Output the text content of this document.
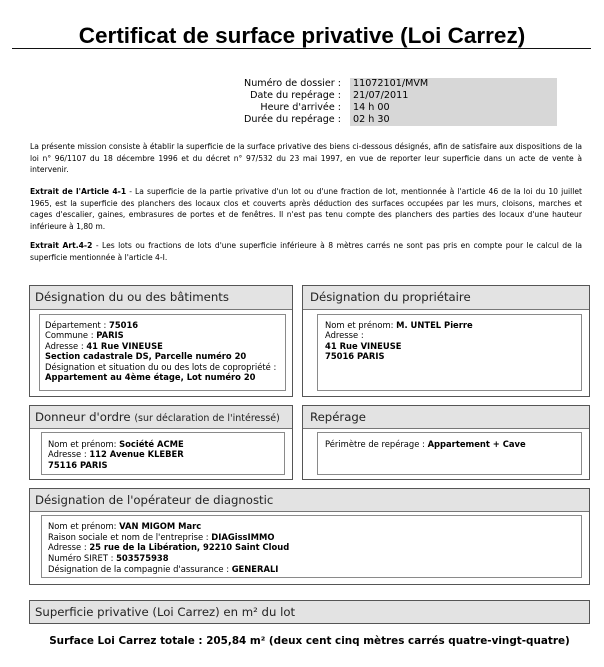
Certificat de surface privative (Loi Carrez)
Numéro de dossier :	11072101/MVM
Date du repérage :	21/07/2011
Heure d'arrivée :	14 h 00
Durée du repérage :	02 h 30

La présente mission consiste à établir la superficie de la surface privative des biens ci-dessous désignés, afin de satisfaire aux dispositions de la loi n° 96/1107 du 18 décembre 1996 et du décret n° 97/532 du 23 mai 1997, en vue de reporter leur superficie dans un acte de vente à intervenir.

Extrait de l'Article 4-1 - La superficie de la partie privative d'un lot ou d'une fraction de lot, mentionnée à l'article 46 de la loi du 10 juillet 1965, est la superficie des planchers des locaux clos et couverts après déduction des surfaces occupées par les murs, cloisons, marches et cages d'escalier, gaines, embrasures de portes et de fenêtres. Il n'est pas tenu compte des planchers des parties des locaux d'une hauteur inférieure à 1,80 m.

Extrait Art.4-2 - Les lots ou fractions de lots d'une superficie inférieure à 8 mètres carrés ne sont pas pris en compte pour le calcul de la superficie mentionnée à l'article 4-I.

Désignation du ou des bâtiments
Département : 75016
Commune : PARIS
Adresse : 41 Rue VINEUSE
Section cadastrale DS, Parcelle numéro 20
Désignation et situation du ou des lots de copropriété :
Appartement au 4ème étage, Lot numéro 20
Désignation du propriétaire
Nom et prénom: M. UNTEL Pierre
Adresse :
41 Rue VINEUSE
75016 PARIS
Donneur d'ordre (sur déclaration de l'intéressé)
Nom et prénom: Société ACME
Adresse : 112 Avenue KLEBER
75116 PARIS
Repérage
Périmètre de repérage : Appartement + Cave
Désignation de l'opérateur de diagnostic
Nom et prénom: VAN MIGOM Marc
Raison sociale et nom de l'entreprise : DIAGissIMMO
Adresse : 25 rue de la Libération, 92210 Saint Cloud
Numéro SIRET : 503575938
Désignation de la compagnie d'assurance : GENERALI
Superficie privative (Loi Carrez) en m² du lot
Surface Loi Carrez totale : 205,84 m² (deux cent cinq mètres carrés quatre-vingt-quatre)
